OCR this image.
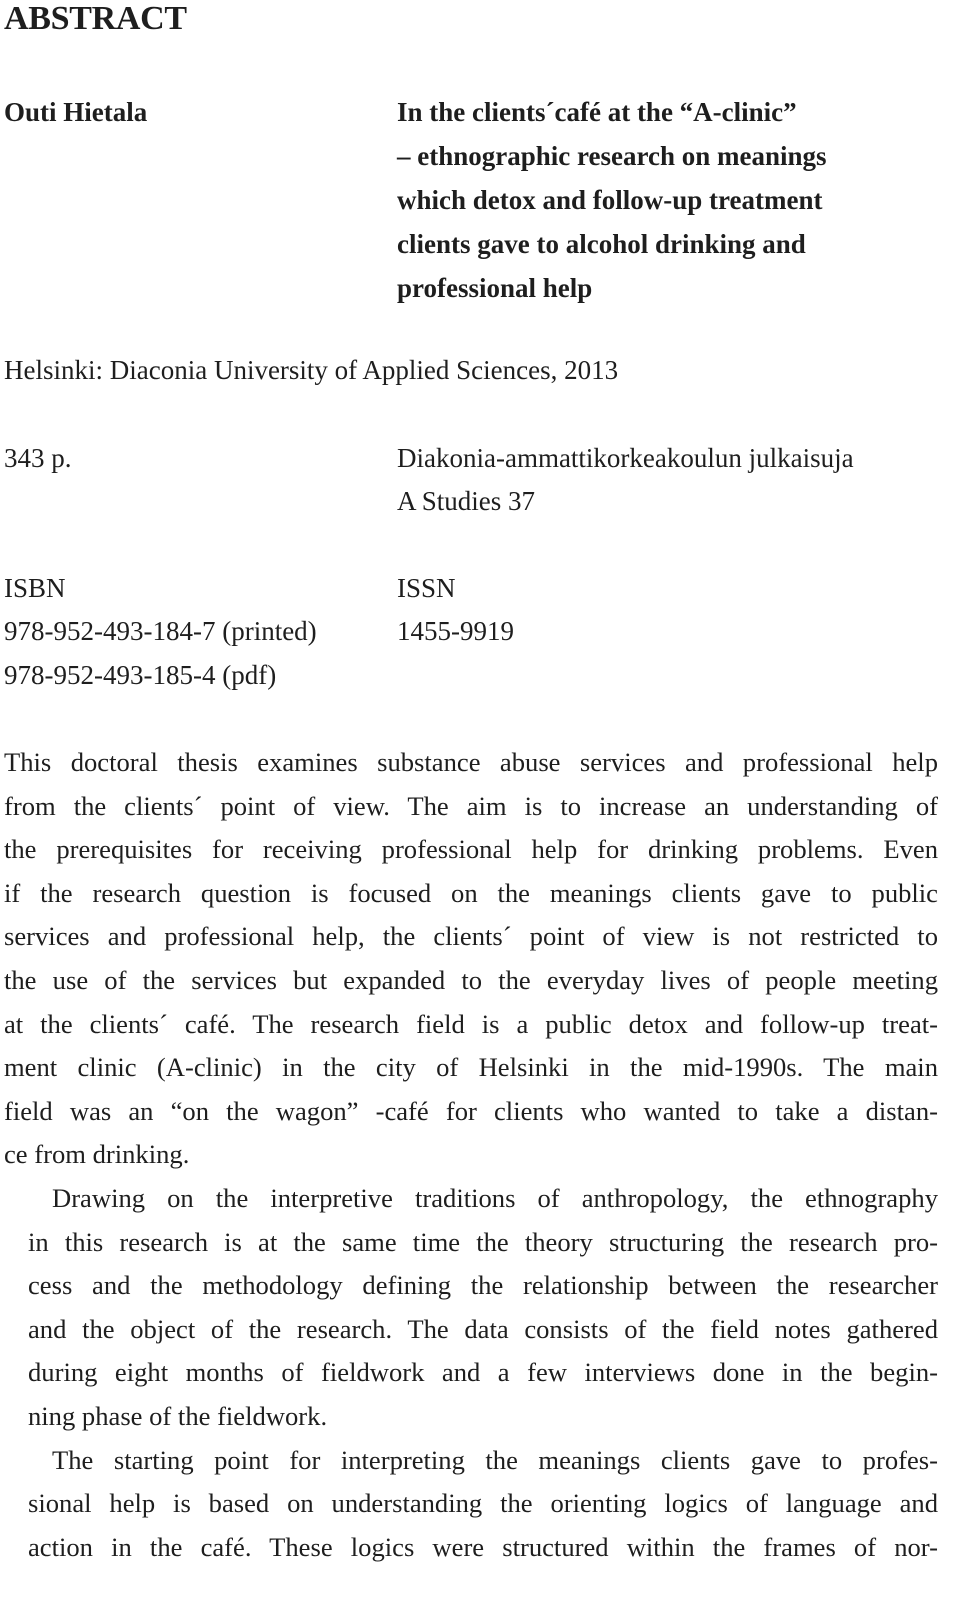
ABSTRACT
Outi Hietala	In the clients´café at the “A-clinic”
– ethnographic research on meanings
which detox and follow-up treatment
clients gave to alcohol drinking and
professional help
Helsinki: Diaconia University of Applied Sciences, 2013
343 p.	Diakonia-ammattikorkeakoulun julkaisuja
A Studies 37
ISBN	ISSN
978-952-493-184-7 (printed)	1455-9919
978-952-493-185-4 (pdf)

This doctoral thesis examines substance abuse services and professional help
from the clients´ point of view. The aim is to increase an understanding of
the prerequisites for receiving professional help for drinking problems. Even
if the research question is focused on the meanings clients gave to public
services and professional help, the clients´ point of view is not restricted to
the use of the services but expanded to the everyday lives of people meeting
at the clients´ café. The research field is a public detox and follow-up treat-
ment clinic (A-clinic) in the city of Helsinki in the mid-1990s. The main
field was an “on the wagon” -café for clients who wanted to take a distan-
ce from drinking.

Drawing on the interpretive traditions of anthropology, the ethnography
in this research is at the same time the theory structuring the research pro-
cess and the methodology defining the relationship between the researcher
and the object of the research. The data consists of the field notes gathered
during eight months of fieldwork and a few interviews done in the begin-
ning phase of the fieldwork.

The starting point for interpreting the meanings clients gave to profes-
sional help is based on understanding the orienting logics of language and
action in the café. These logics were structured within the frames of nor-
